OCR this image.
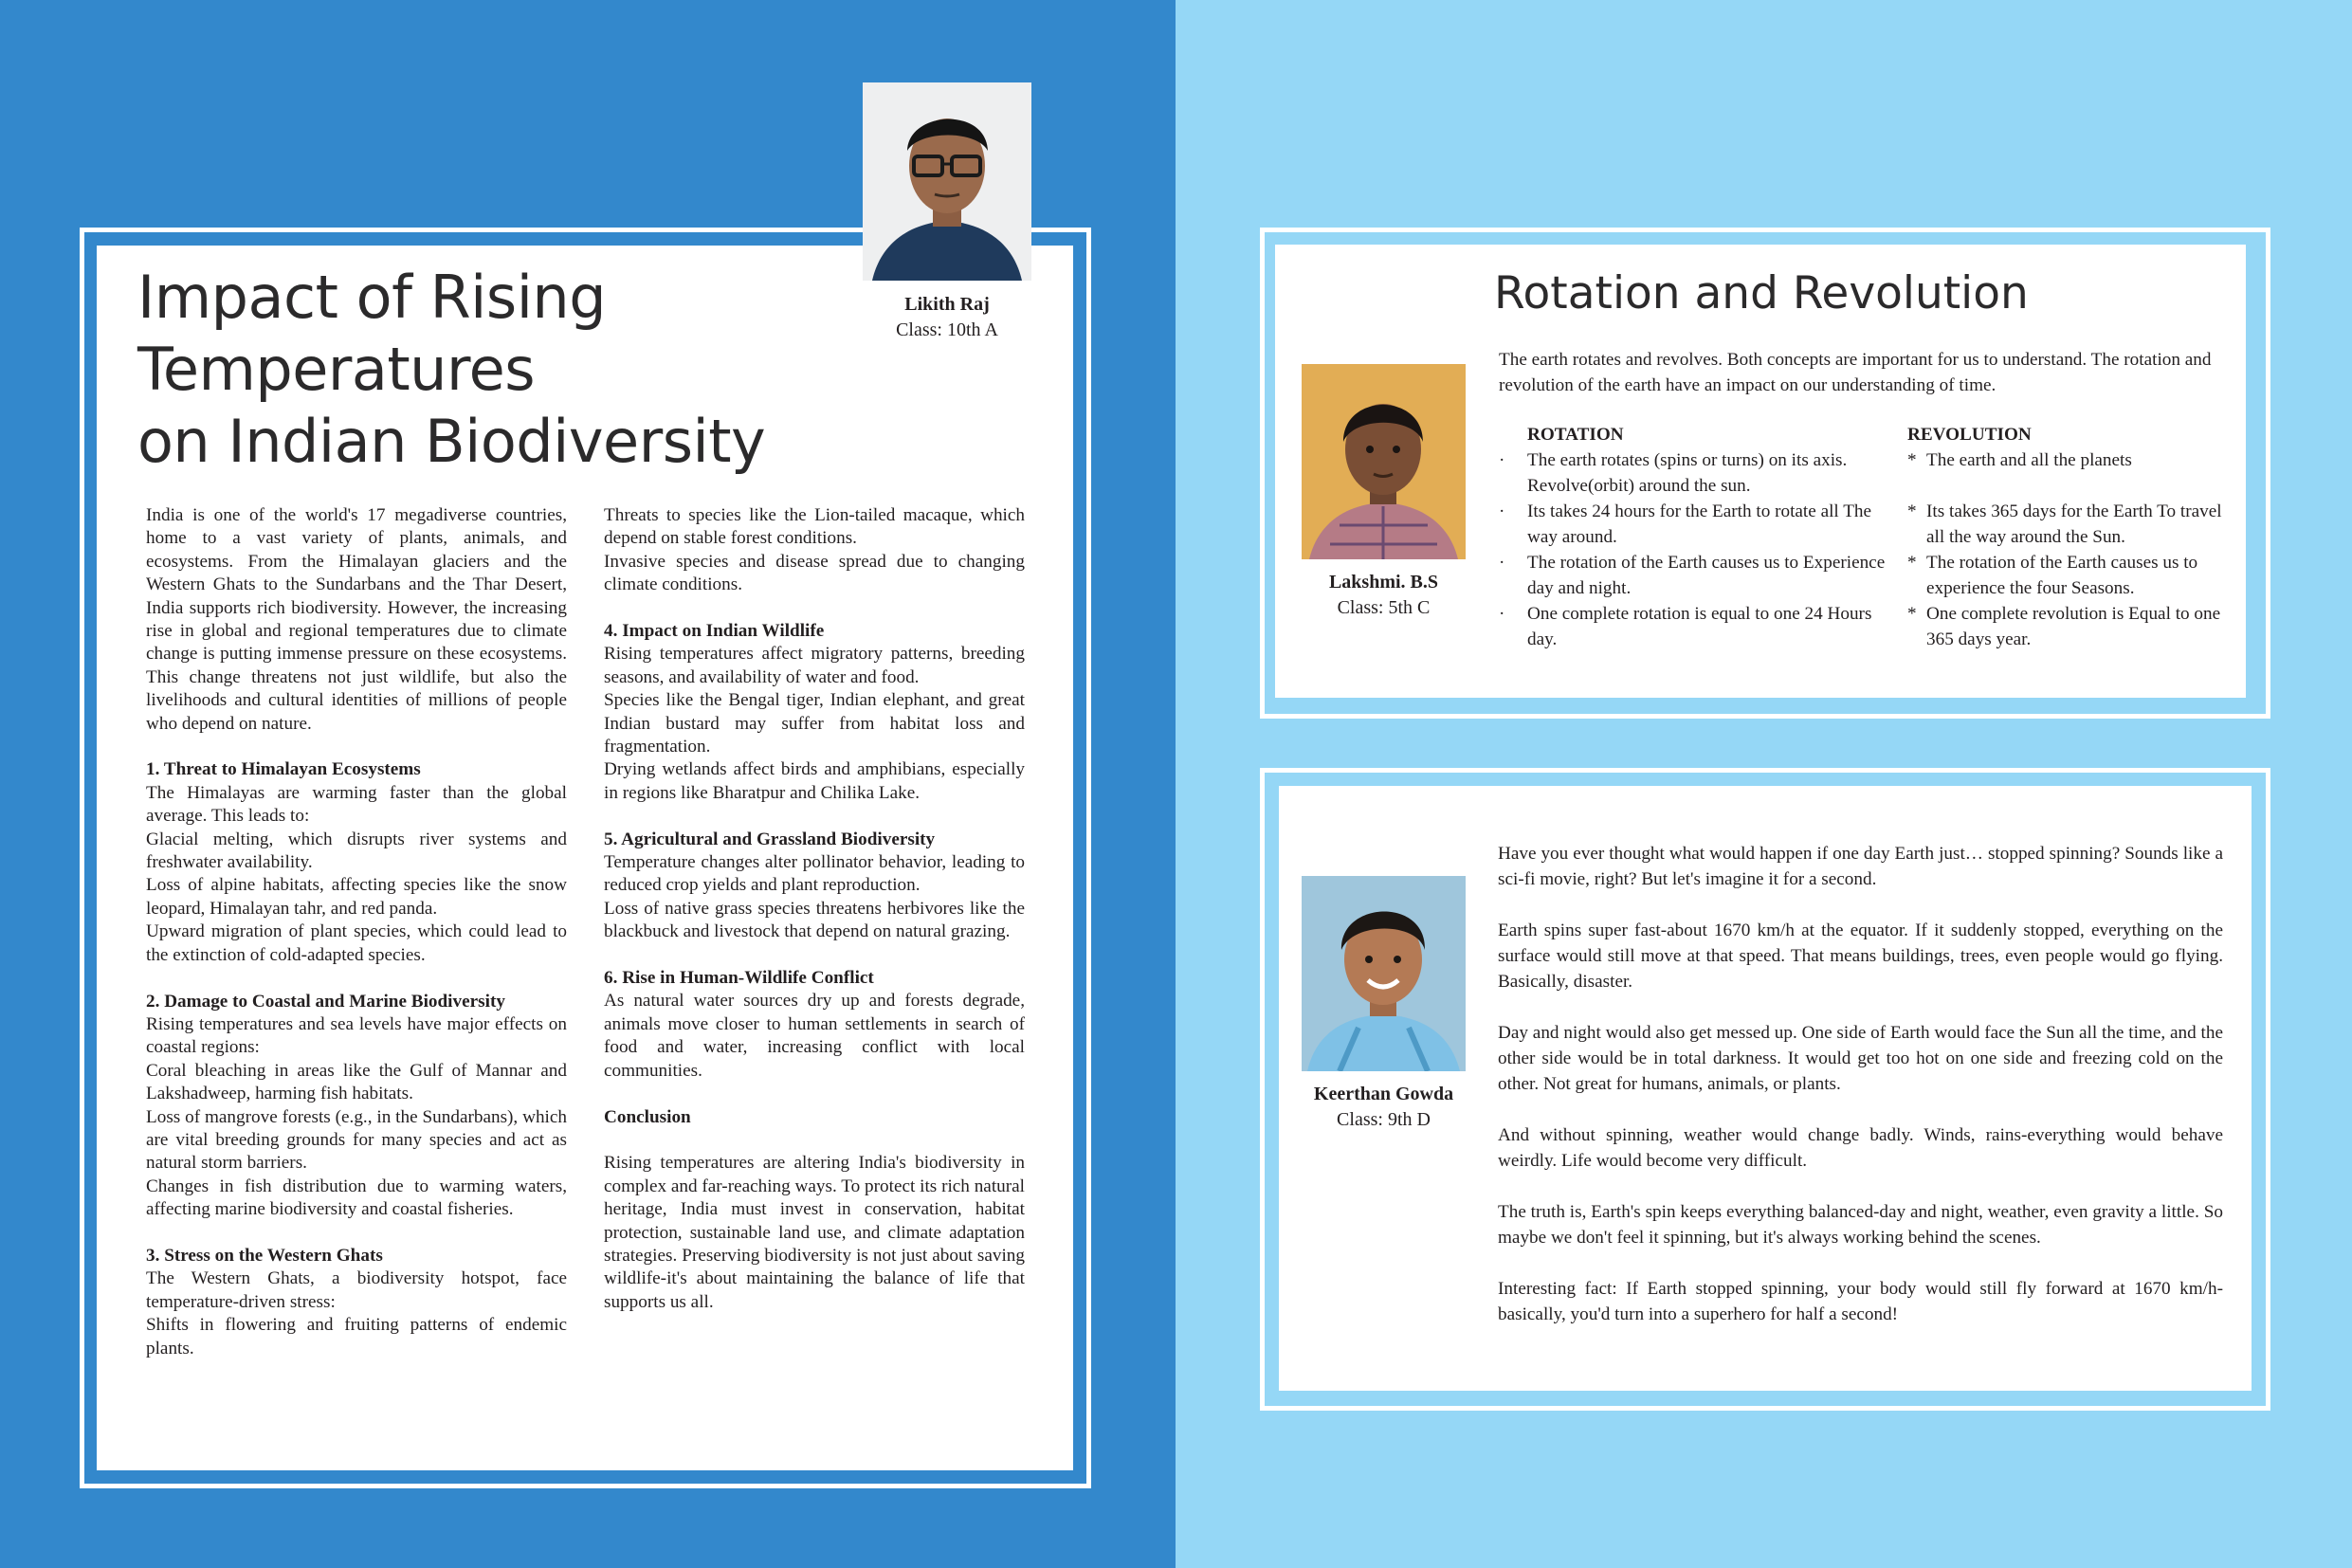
Impact of Rising
Temperatures
on Indian Biodiversity
Likith Raj
Class: 10th A

India is one of the world's 17 megadiverse countries, home to a vast variety of plants, animals, and ecosystems. From the Himalayan glaciers and the Western Ghats to the Sundarbans and the Thar Desert, India supports rich biodiversity. However, the increasing rise in global and regional temperatures due to climate change is putting immense pressure on these ecosystems. This change threatens not just wildlife, but also the livelihoods and cultural identities of millions of people who depend on nature.

1. Threat to Himalayan Ecosystems

The Himalayas are warming faster than the global average. This leads to:

Glacial melting, which disrupts river systems and freshwater availability.

Loss of alpine habitats, affecting species like the snow leopard, Himalayan tahr, and red panda.

Upward migration of plant species, which could lead to the extinction of cold-adapted species.

2. Damage to Coastal and Marine Biodiversity

Rising temperatures and sea levels have major effects on coastal regions:

Coral bleaching in areas like the Gulf of Mannar and Lakshadweep, harming fish habitats.

Loss of mangrove forests (e.g., in the Sundarbans), which are vital breeding grounds for many species and act as natural storm barriers.

Changes in fish distribution due to warming waters, affecting marine biodiversity and coastal fisheries.

3. Stress on the Western Ghats

The Western Ghats, a biodiversity hotspot, face temperature-driven stress:

Shifts in flowering and fruiting patterns of endemic plants.

Threats to species like the Lion-tailed macaque, which depend on stable forest conditions.

Invasive species and disease spread due to changing climate conditions.

4. Impact on Indian Wildlife

Rising temperatures affect migratory patterns, breeding seasons, and availability of water and food.

Species like the Bengal tiger, Indian elephant, and great Indian bustard may suffer from habitat loss and fragmentation.

Drying wetlands affect birds and amphibians, especially in regions like Bharatpur and Chilika Lake.

5. Agricultural and Grassland Biodiversity

Temperature changes alter pollinator behavior, leading to reduced crop yields and plant reproduction.

Loss of native grass species threatens herbivores like the blackbuck and livestock that depend on natural grazing.

6. Rise in Human-Wildlife Conflict

As natural water sources dry up and forests degrade, animals move closer to human settlements in search of food and water, increasing conflict with local communities.

Conclusion

Rising temperatures are altering India's biodiversity in complex and far-reaching ways. To protect its rich natural heritage, India must invest in conservation, habitat protection, sustainable land use, and climate adaptation strategies. Preserving biodiversity is not just about saving wildlife-it's about maintaining the balance of life that supports us all.

Rotation and Revolution
Lakshmi. B.S
Class: 5th C
The earth rotates and revolves. Both concepts are important for us to understand. The rotation and revolution of the earth have an impact on our understanding of time.
ROTATION
· The earth rotates (spins or turns) on its axis. Revolve(orbit) around the sun.
· Its takes 24 hours for the Earth to rotate all The way around.
· The rotation of the Earth causes us to Experience day and night.
· One complete rotation is equal to one 24 Hours day.
REVOLUTION
* The earth and all the planets
* Its takes 365 days for the Earth To travel all the way around the Sun.
* The rotation of the Earth causes us to experience the four Seasons.
* One complete revolution is Equal to one 365 days year.
Keerthan Gowda
Class: 9th D

Have you ever thought what would happen if one day Earth just… stopped spinning? Sounds like a sci-fi movie, right? But let's imagine it for a second.

Earth spins super fast-about 1670 km/h at the equator. If it suddenly stopped, everything on the surface would still move at that speed. That means buildings, trees, even people would go flying. Basically, disaster.

Day and night would also get messed up. One side of Earth would face the Sun all the time, and the other side would be in total darkness. It would get too hot on one side and freezing cold on the other. Not great for humans, animals, or plants.

And without spinning, weather would change badly. Winds, rains-everything would behave weirdly. Life would become very difficult.

The truth is, Earth's spin keeps everything balanced-day and night, weather, even gravity a little. So maybe we don't feel it spinning, but it's always working behind the scenes.

Interesting fact: If Earth stopped spinning, your body would still fly forward at 1670 km/h-basically, you'd turn into a superhero for half a second!
